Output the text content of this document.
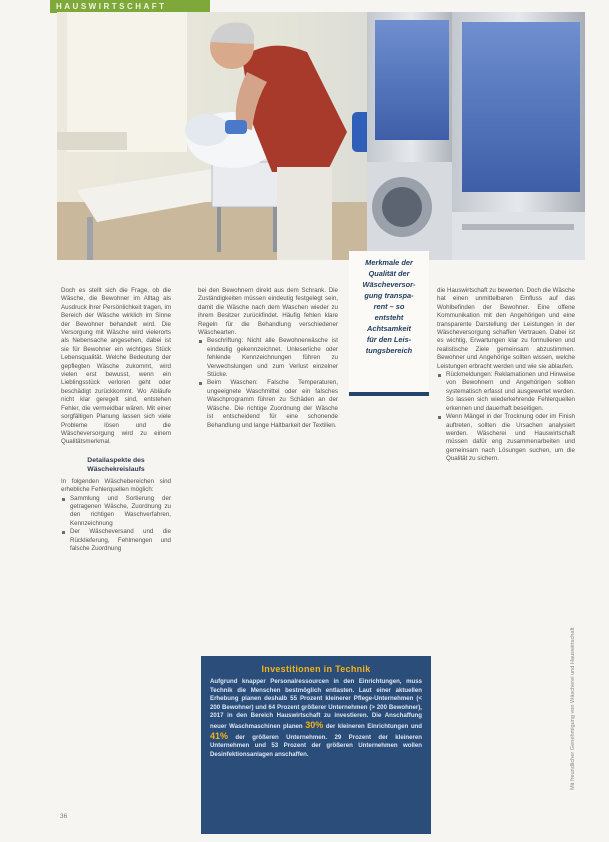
HAUSWIRTSCHAFT

Merkmale der

Qualität der

Wäscheversor-

gung transpa-

rent – so

entsteht

Achtsamkeit

für den Leis-

tungsbereich

Doch es stellt sich die Frage, ob die Wäsche, die Bewohner im Alltag als Ausdruck ihrer Persönlichkeit tragen, im Bereich der Wäsche wirklich im Sinne der Bewohner behandelt wird. Die Versorgung mit Wäsche wird vielerorts als Nebensache angesehen, dabei ist sie für Bewohner ein wichtiges Stück Lebensqualität. Welche Bedeutung der gepflegten Wäsche zukommt, wird vielen erst bewusst, wenn ein Lieblingsstück verloren geht oder beschädigt zurückkommt. Wo Abläufe nicht klar geregelt sind, entstehen Fehler, die vermeidbar wären. Mit einer sorgfältigen Planung lassen sich viele Probleme lösen und die Wäscheversorgung wird zu einem Qualitätsmerkmal.

Detailaspekte des Wäschekreislaufs

In folgenden Wäschebereichen sind erhebliche Fehlerquellen möglich:

Sammlung und Sortierung der getragenen Wäsche, Zuordnung zu den richtigen Waschverfahren, Kennzeichnung
Der Wäscheversand und die Rücklieferung, Fehlmengen und falsche Zuordnung

bei den Bewohnern direkt aus dem Schrank. Die Zuständigkeiten müssen eindeutig festgelegt sein, damit die Wäsche nach dem Waschen wieder zu ihrem Besitzer zurückfindet. Häufig fehlen klare Regeln für die Behandlung verschiedener Wäschearten.

Beschriftung: Nicht alle Bewohnerwäsche ist eindeutig gekennzeichnet. Unleserliche oder fehlende Kennzeichnungen führen zu Verwechslungen und zum Verlust einzelner Stücke.
Beim Waschen: Falsche Temperaturen, ungeeignete Waschmittel oder ein falsches Waschprogramm führen zu Schäden an der Wäsche. Die richtige Zuordnung der Wäsche ist entscheidend für eine schonende Behandlung und lange Haltbarkeit der Textilien.

die Hauswirtschaft zu bewerten. Doch die Wäsche hat einen unmittelbaren Einfluss auf das Wohlbefinden der Bewohner. Eine offene Kommunikation mit den Angehörigen und eine transparente Darstellung der Leistungen in der Wäscheversorgung schaffen Vertrauen. Dabei ist es wichtig, Erwartungen klar zu formulieren und realistische Ziele gemeinsam abzustimmen. Bewohner und Angehörige sollten wissen, welche Leistungen erbracht werden und wie sie ablaufen.

Rückmeldungen: Reklamationen und Hinweise von Bewohnern und Angehörigen sollten systematisch erfasst und ausgewertet werden. So lassen sich wiederkehrende Fehlerquellen erkennen und dauerhaft beseitigen.
Wenn Mängel in der Trocknung oder im Finish auftreten, sollten die Ursachen analysiert werden. Wäscherei und Hauswirtschaft müssen dafür eng zusammenarbeiten und gemeinsam nach Lösungen suchen, um die Qualität zu sichern.
Investitionen in Technik

Aufgrund knapper Personalressourcen in den Einrichtungen, muss Technik die Menschen bestmöglich entlasten. Laut einer aktuellen Erhebung planen deshalb 55 Prozent kleinerer Pflege-Unternehmen (< 200 Bewohner) und 64 Prozent größerer Unternehmen (> 200 Bewohner), 2017 in den Bereich Hauswirtschaft zu investieren. Die Anschaffung neuer Waschmaschinen planen 30% der kleineren Einrichtungen und 41% der größeren Unternehmen. 29 Prozent der kleineren Unternehmen und 53 Prozent der größeren Unternehmen wollen Desinfektionsanlagen anschaffen.

36
Mit freundlicher Genehmigung von Wäscherei und Hauswirtschaft
